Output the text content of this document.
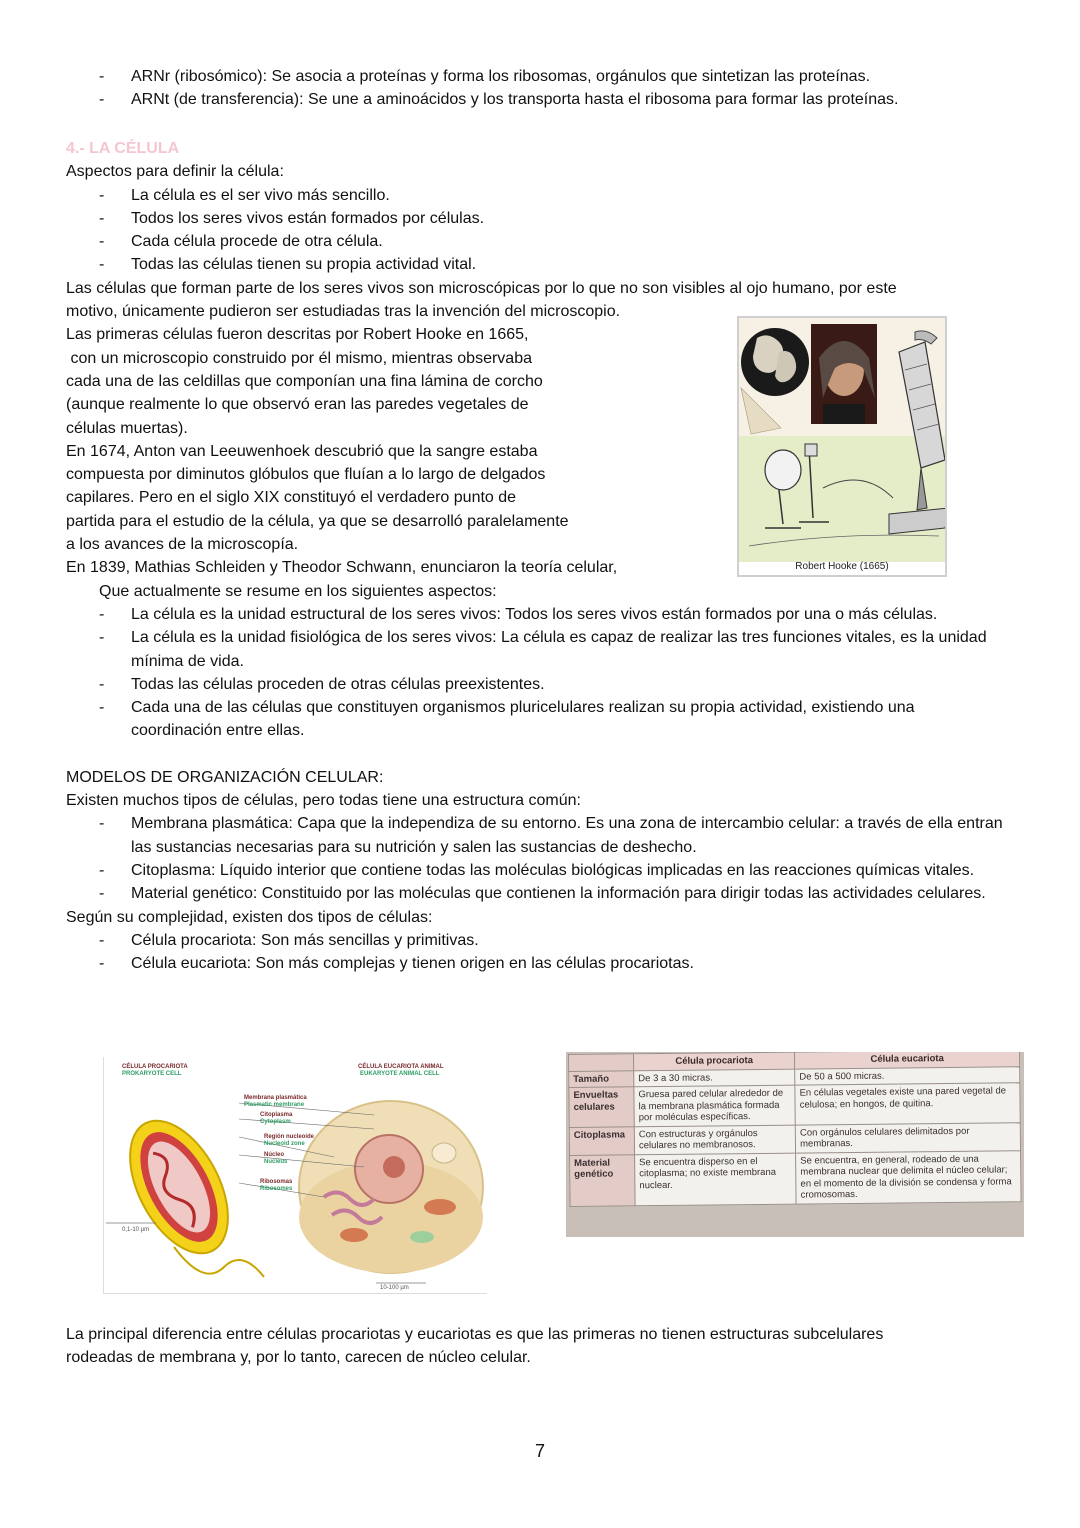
- ARNr (ribosómico): Se asocia a proteínas y forma los ribosomas, orgánulos que sintetizan las proteínas.

- ARNt (de transferencia): Se une a aminoácidos y los transporta hasta el ribosoma para formar las proteínas.

4.- LA CÉLULA

Aspectos para definir la célula:

- La célula es el ser vivo más sencillo.

- Todos los seres vivos están formados por células.

- Cada célula procede de otra célula.

- Todas las células tienen su propia actividad vital.

Las células que forman parte de los seres vivos son microscópicas por lo que no son visibles al ojo humano, por este

motivo, únicamente pudieron ser estudiadas tras la invención del microscopio.

Las primeras células fueron descritas por Robert Hooke en 1665,

con un microscopio construido por él mismo, mientras observaba

cada una de las celdillas que componían una fina lámina de corcho

(aunque realmente lo que observó eran las paredes vegetales de

células muertas).

En 1674, Anton van Leeuwenhoek descubrió que la sangre estaba

compuesta por diminutos glóbulos que fluían a lo largo de delgados

capilares. Pero en el siglo XIX constituyó el verdadero punto de

partida para el estudio de la célula, ya que se desarrolló paralelamente

a los avances de la microscopía.

En 1839, Mathias Schleiden y Theodor Schwann, enunciaron la teoría celular,

Que actualmente se resume en los siguientes aspectos:

- La célula es la unidad estructural de los seres vivos: Todos los seres vivos están formados por una o más células.

- La célula es la unidad fisiológica de los seres vivos: La célula es capaz de realizar las tres funciones vitales, es la unidad mínima de vida.

- Todas las células proceden de otras células preexistentes.

- Cada una de las células que constituyen organismos pluricelulares realizan su propia actividad, existiendo una coordinación entre ellas.

MODELOS DE ORGANIZACIÓN CELULAR:

Existen muchos tipos de células, pero todas tiene una estructura común:

- Membrana plasmática: Capa que la independiza de su entorno. Es una zona de intercambio celular: a través de ella entran las sustancias necesarias para su nutrición y salen las sustancias de deshecho.

- Citoplasma: Líquido interior que contiene todas las moléculas biológicas implicadas en las reacciones químicas vitales.

- Material genético: Constituido por las moléculas que contienen la información para dirigir todas las actividades celulares.

Según su complejidad, existen dos tipos de células:

- Célula procariota: Son más sencillas y primitivas.

- Célula eucariota: Son más complejas y tienen origen en las células procariotas.

Robert Hooke (1665)
CÉLULA PROCARIOTA
PROKARYOTE CELL
CÉLULA EUCARIOTA ANIMAL
EUKARYOTE ANIMAL CELL
Membrana plasmática
Plasmatic membrane
Citoplasma
Cytoplasm
Región nucleoide
Nucleoid zone
Núcleo
Nucleus
Ribosomas
Ribosomes
0,1-10 µm
10-100 µm
	Célula procariota	Célula eucariota
Tamaño	De 3 a 30 micras.	De 50 a 500 micras.
Envueltas celulares	Gruesa pared celular alrededor de la membrana plasmática formada por moléculas específicas.	En células vegetales existe una pared vegetal de celulosa; en hongos, de quitina.
Citoplasma	Con estructuras y orgánulos celulares no membranosos.	Con orgánulos celulares delimitados por membranas.
Material genético	Se encuentra disperso en el citoplasma; no existe membrana nuclear.	Se encuentra, en general, rodeado de una membrana nuclear que delimita el núcleo celular; en el momento de la división se condensa y forma cromosomas.

La principal diferencia entre células procariotas y eucariotas es que las primeras no tienen estructuras subcelulares

rodeadas de membrana y, por lo tanto, carecen de núcleo celular.

7
